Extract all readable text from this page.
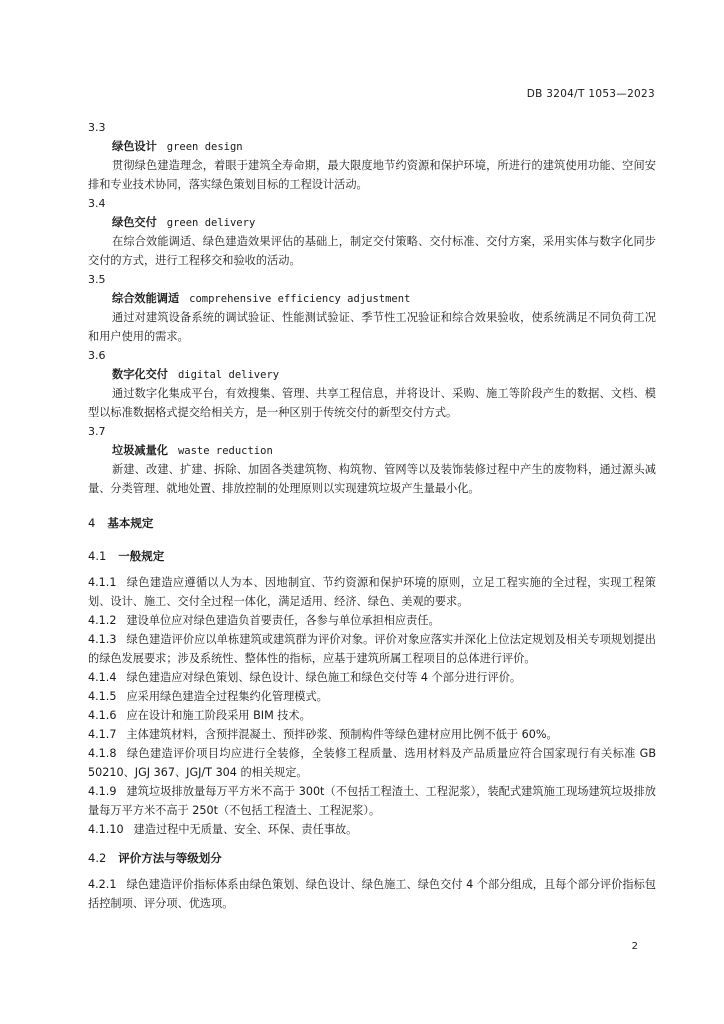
DB 3204/T 1053—2023
3.3
绿色设计 green design
贯彻绿色建造理念，着眼于建筑全寿命期，最大限度地节约资源和保护环境，所进行的建筑使用功能、空间安排和专业技术协同，落实绿色策划目标的工程设计活动。
3.4
绿色交付 green delivery
在综合效能调适、绿色建造效果评估的基础上，制定交付策略、交付标准、交付方案，采用实体与数字化同步交付的方式，进行工程移交和验收的活动。
3.5
综合效能调适 comprehensive efficiency adjustment
通过对建筑设备系统的调试验证、性能测试验证、季节性工况验证和综合效果验收，使系统满足不同负荷工况和用户使用的需求。
3.6
数字化交付 digital delivery
通过数字化集成平台，有效搜集、管理、共享工程信息，并将设计、采购、施工等阶段产生的数据、文档、模型以标准数据格式提交给相关方，是一种区别于传统交付的新型交付方式。
3.7
垃圾减量化 waste reduction
新建、改建、扩建、拆除、加固各类建筑物、构筑物、管网等以及装饰装修过程中产生的废物料，通过源头减量、分类管理、就地处置、排放控制的处理原则以实现建筑垃圾产生量最小化。
4 基本规定
4.1 一般规定
4.1.1 绿色建造应遵循以人为本、因地制宜、节约资源和保护环境的原则，立足工程实施的全过程，实现工程策划、设计、施工、交付全过程一体化，满足适用、经济、绿色、美观的要求。
4.1.2 建设单位应对绿色建造负首要责任，各参与单位承担相应责任。
4.1.3 绿色建造评价应以单栋建筑或建筑群为评价对象。评价对象应落实并深化上位法定规划及相关专项规划提出的绿色发展要求；涉及系统性、整体性的指标，应基于建筑所属工程项目的总体进行评价。
4.1.4 绿色建造应对绿色策划、绿色设计、绿色施工和绿色交付等 4 个部分进行评价。
4.1.5 应采用绿色建造全过程集约化管理模式。
4.1.6 应在设计和施工阶段采用 BIM 技术。
4.1.7 主体建筑材料，含预拌混凝土、预拌砂浆、预制构件等绿色建材应用比例不低于 60%。
4.1.8 绿色建造评价项目均应进行全装修，全装修工程质量、选用材料及产品质量应符合国家现行有关标准 GB 50210、JGJ 367、JGJ/T 304 的相关规定。
4.1.9 建筑垃圾排放量每万平方米不高于 300t（不包括工程渣土、工程泥浆），装配式建筑施工现场建筑垃圾排放量每万平方米不高于 250t（不包括工程渣土、工程泥浆）。
4.1.10 建造过程中无质量、安全、环保、责任事故。
4.2 评价方法与等级划分
4.2.1 绿色建造评价指标体系由绿色策划、绿色设计、绿色施工、绿色交付 4 个部分组成，且每个部分评价指标包括控制项、评分项、优选项。
2
